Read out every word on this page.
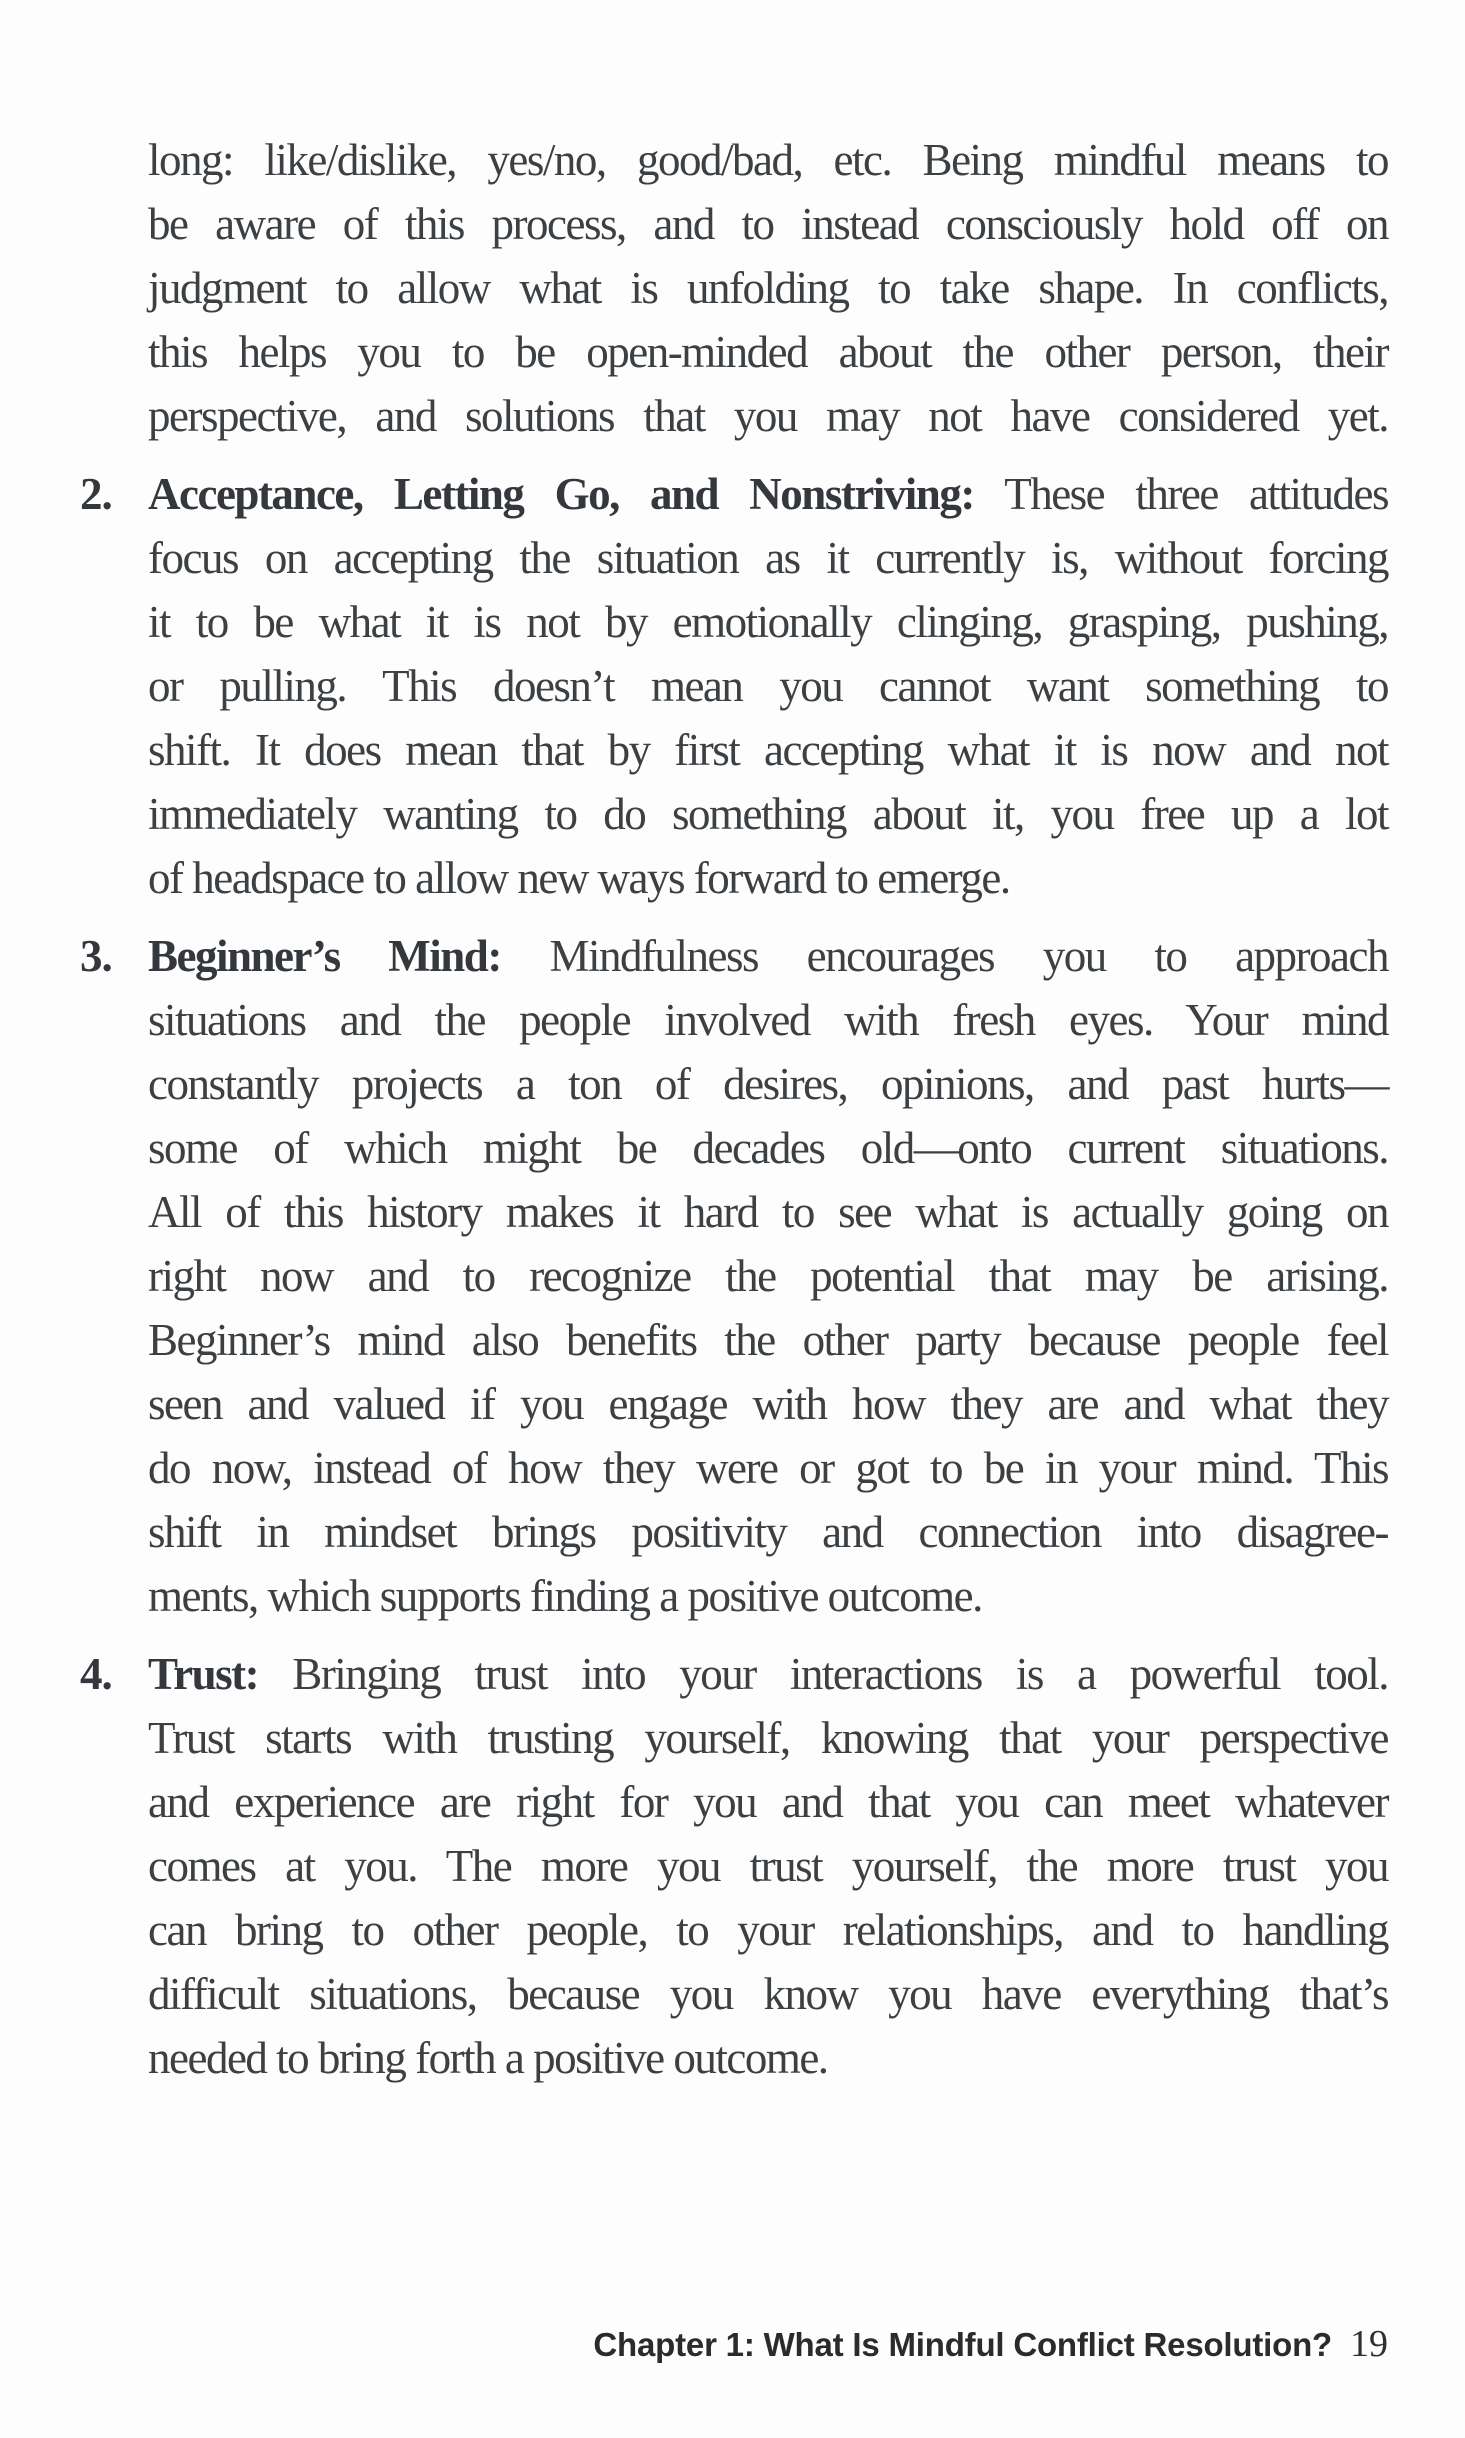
long: like/dislike, yes/no, good/bad, etc. Being mindful means to
be aware of this process, and to instead consciously hold off on
judgment to allow what is unfolding to take shape. In conflicts,
this helps you to be open-minded about the other person, their
perspective, and solutions that you may not have considered yet.
2. Acceptance, Letting Go, and Nonstriving: These three attitudes
focus on accepting the situation as it currently is, without forcing
it to be what it is not by emotionally clinging, grasping, pushing,
or pulling. This doesn’t mean you cannot want something to
shift. It does mean that by first accepting what it is now and not
immediately wanting to do something about it, you free up a lot
of headspace to allow new ways forward to emerge.
3. Beginner’s Mind: Mindfulness encourages you to approach
situations and the people involved with fresh eyes. Your mind
constantly projects a ton of desires, opinions, and past hurts—
some of which might be decades old—onto current situations.
All of this history makes it hard to see what is actually going on
right now and to recognize the potential that may be arising.
Beginner’s mind also benefits the other party because people feel
seen and valued if you engage with how they are and what they
do now, instead of how they were or got to be in your mind. This
shift in mindset brings positivity and connection into disagree-
ments, which supports finding a positive outcome.
4. Trust: Bringing trust into your interactions is a powerful tool.
Trust starts with trusting yourself, knowing that your perspective
and experience are right for you and that you can meet whatever
comes at you. The more you trust yourself, the more trust you
can bring to other people, to your relationships, and to handling
difficult situations, because you know you have everything that’s
needed to bring forth a positive outcome.
Chapter 1: What Is Mindful Conflict Resolution? 19
